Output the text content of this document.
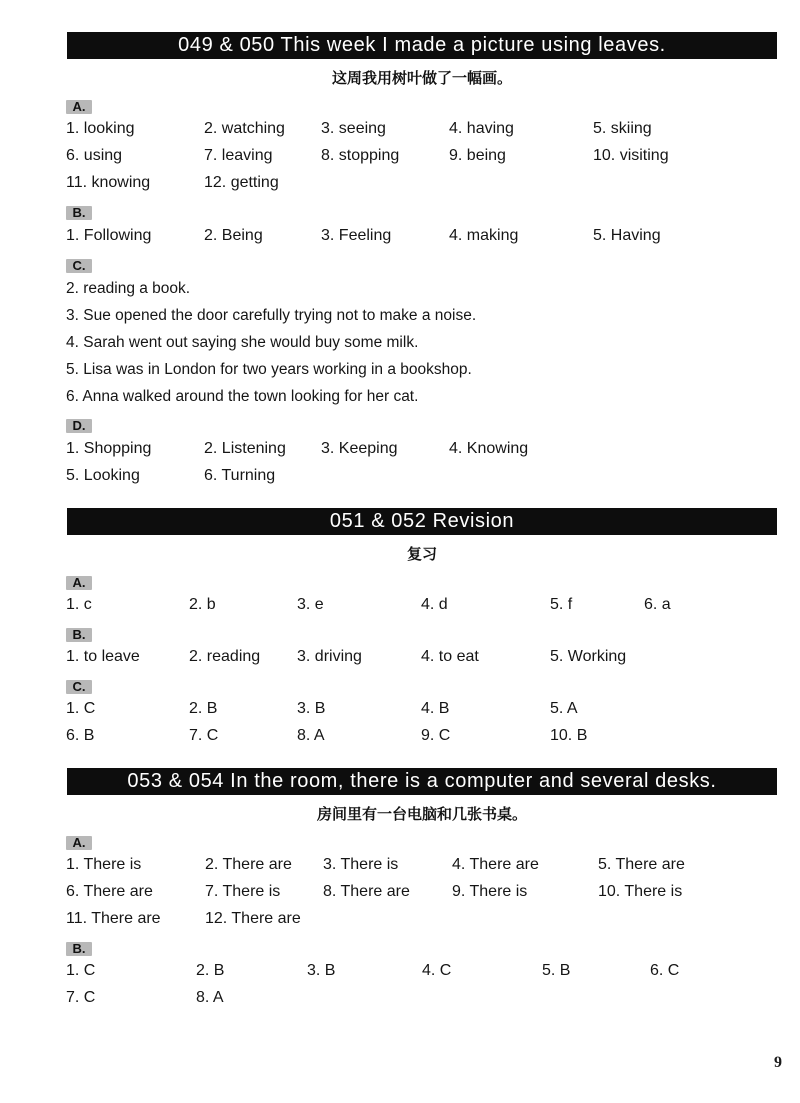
049 & 050 This week I made a picture using leaves.
这周我用树叶做了一幅画。
A.
1. looking	2. watching 3. seeing	4. having	5. skiing
6. using	7. leaving	8. stopping	9. being	10. visiting
11. knowing	12. getting
B.
1. Following	2. Being	3. Feeling	4. making	5. Having
C.
2. reading a book.
3. Sue opened the door carefully trying not to make a noise.
4. Sarah went out saying she would buy some milk.
5. Lisa was in London for two years working in a bookshop.
6. Anna walked around the town looking for her cat.
D.
1. Shopping	2. Listening 3. Keeping	4. Knowing
5. Looking	6. Turning
051 & 052 Revision
复习
A.
1. c	2. b	3. e	4. d	5. f	6. a
B.
1. to leave	2. reading 3. driving	4. to eat	5. Working
C.
1. C	2. B	3. B	4. B	5. A
6. B	7. C	8. A	9. C	10. B
053 & 054 In the room, there is a computer and several desks.
房间里有一台电脑和几张书桌。
A.
1. There is	2. There are 3. There is	4. There are	5. There are
6. There are	7. There is	8. There are	9. There is	10. There is
11. There are	12. There are
B.
1. C	2. B	3. B	4. C	5. B	6. C
7. C	8. A
9
